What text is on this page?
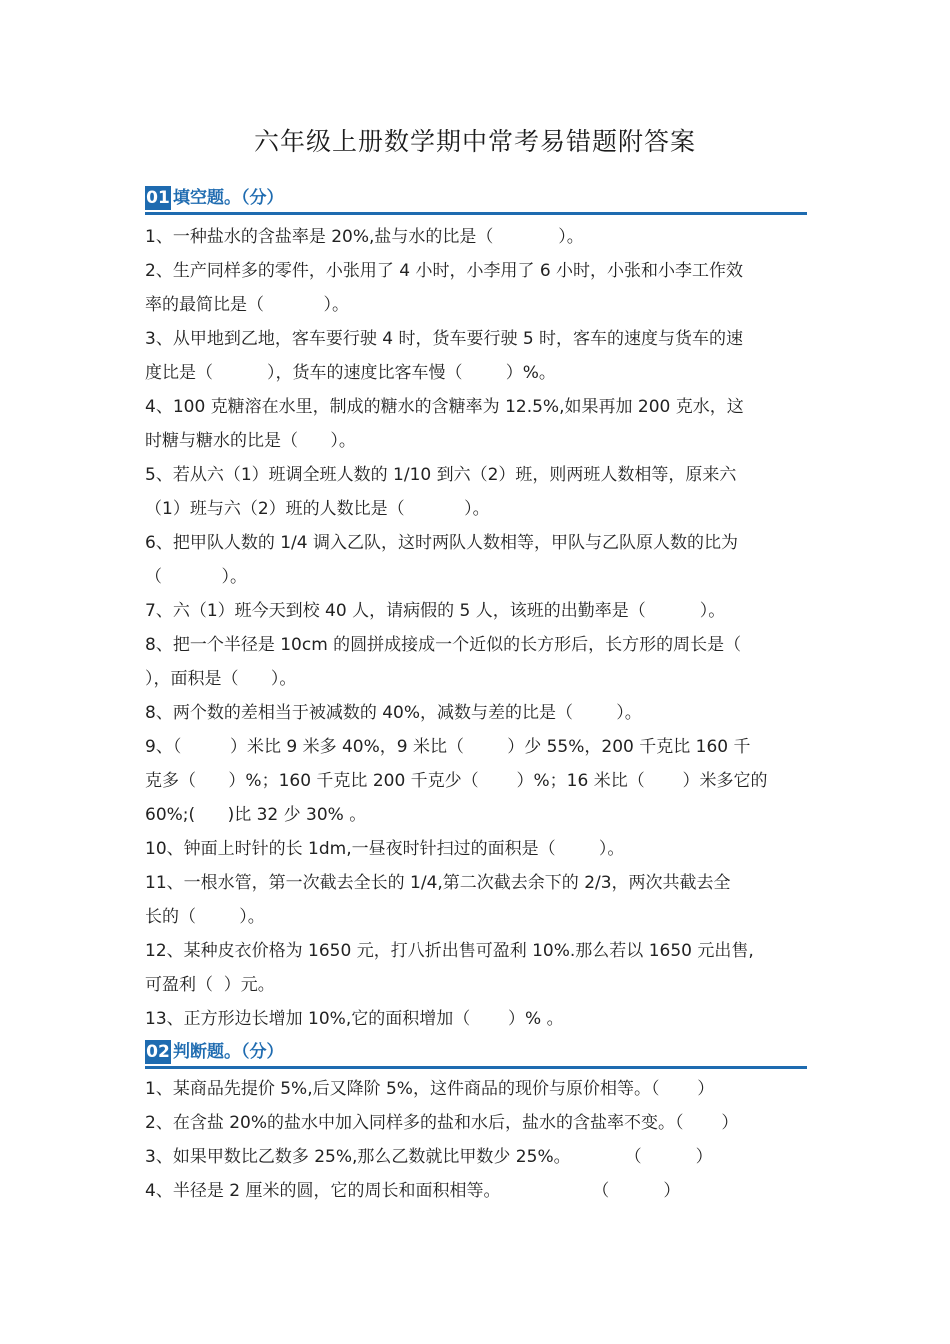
六年级上册数学期中常考易错题附答案
01 填空题。（分）
1、一种盐水的含盐率是 20%,盐与水的比是（            ）。
2、生产同样多的零件，小张用了 4 小时，小李用了 6 小时，小张和小李工作效
率的最简比是（           ）。
3、从甲地到乙地，客车要行驶 4 时，货车要行驶 5 时，客车的速度与货车的速
度比是（          ），货车的速度比客车慢（        ）%。
4、100 克糖溶在水里，制成的糖水的含糖率为 12.5%,如果再加 200 克水，这
时糖与糖水的比是（      ）。
5、若从六（1）班调全班人数的 1/10 到六（2）班，则两班人数相等，原来六
（1）班与六（2）班的人数比是（           ）。
6、把甲队人数的 1/4 调入乙队，这时两队人数相等，甲队与乙队原人数的比为
（           ）。
7、六（1）班今天到校 40 人，请病假的 5 人，该班的出勤率是（          ）。
8、把一个半径是 10cm 的圆拼成接成一个近似的长方形后，长方形的周长是（
），面积是（      ）。
8、两个数的差相当于被减数的 40%，减数与差的比是（        ）。
9、（         ）米比 9 米多 40%，9 米比（        ）少 55%，200 千克比 160 千
克多（      ）%；160 千克比 200 千克少（       ）%；16 米比（       ）米多它的
60%;(      )比 32 少 30% 。
10、钟面上时针的长 1dm,一昼夜时针扫过的面积是（        ）。
11、一根水管，第一次截去全长的 1/4,第二次截去余下的 2/3，两次共截去全
长的（        ）。
12、某种皮衣价格为 1650 元，打八折出售可盈利 10%.那么若以 1650 元出售,
可盈利（  ）元。
13、正方形边长增加 10%,它的面积增加（       ）% 。
02 判断题。（分）
1、某商品先提价 5%,后又降阶 5%，这件商品的现价与原价相等。（       ）
2、在含盐 20%的盐水中加入同样多的盐和水后，盐水的含盐率不变。（       ）
3、如果甲数比乙数多 25%,那么乙数就比甲数少 25%。          （          ）
4、半径是 2 厘米的圆，它的周长和面积相等。                 （          ）
